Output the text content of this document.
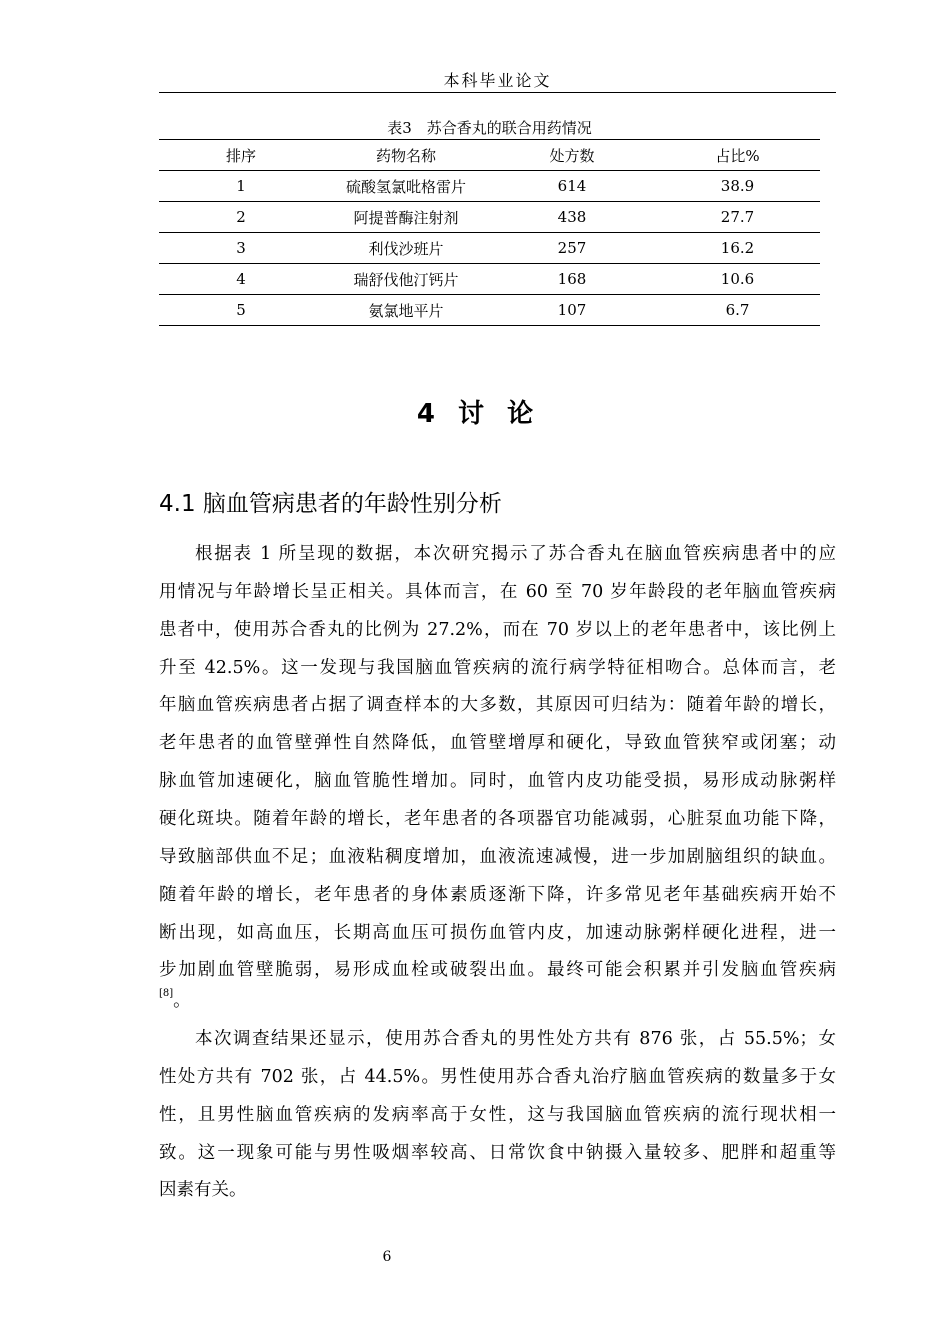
本科毕业论文
表3　苏合香丸的联合用药情况
排序	药物名称	处方数	占比%
1	硫酸氢氯吡格雷片	614	38.9
2	阿提普酶注射剂	438	27.7
3	利伐沙班片	257	16.2
4	瑞舒伐他汀钙片	168	10.6
5	氨氯地平片	107	6.7
4 讨 论
4.1 脑血管病患者的年龄性别分析
根据表 1 所呈现的数据，本次研究揭示了苏合香丸在脑血管疾病患者中的应
用情况与年龄增长呈正相关。具体而言，在 60 至 70 岁年龄段的老年脑血管疾病
患者中，使用苏合香丸的比例为 27.2%，而在 70 岁以上的老年患者中，该比例上
升至 42.5%。这一发现与我国脑血管疾病的流行病学特征相吻合。总体而言，老
年脑血管疾病患者占据了调查样本的大多数，其原因可归结为：随着年龄的增长，
老年患者的血管壁弹性自然降低，血管壁增厚和硬化，导致血管狭窄或闭塞；动
脉血管加速硬化，脑血管脆性增加。同时，血管内皮功能受损，易形成动脉粥样
硬化斑块。随着年龄的增长，老年患者的各项器官功能减弱，心脏泵血功能下降，
导致脑部供血不足；血液粘稠度增加，血液流速减慢，进一步加剧脑组织的缺血。
随着年龄的增长，老年患者的身体素质逐渐下降，许多常见老年基础疾病开始不
断出现，如高血压，长期高血压可损伤血管内皮，加速动脉粥样硬化进程，进一
步加剧血管壁脆弱，易形成血栓或破裂出血。最终可能会积累并引发脑血管疾病
[8]。
本次调查结果还显示，使用苏合香丸的男性处方共有 876 张，占 55.5%；女
性处方共有 702 张，占 44.5%。男性使用苏合香丸治疗脑血管疾病的数量多于女
性，且男性脑血管疾病的发病率高于女性，这与我国脑血管疾病的流行现状相一
致。这一现象可能与男性吸烟率较高、日常饮食中钠摄入量较多、肥胖和超重等
因素有关。
6
